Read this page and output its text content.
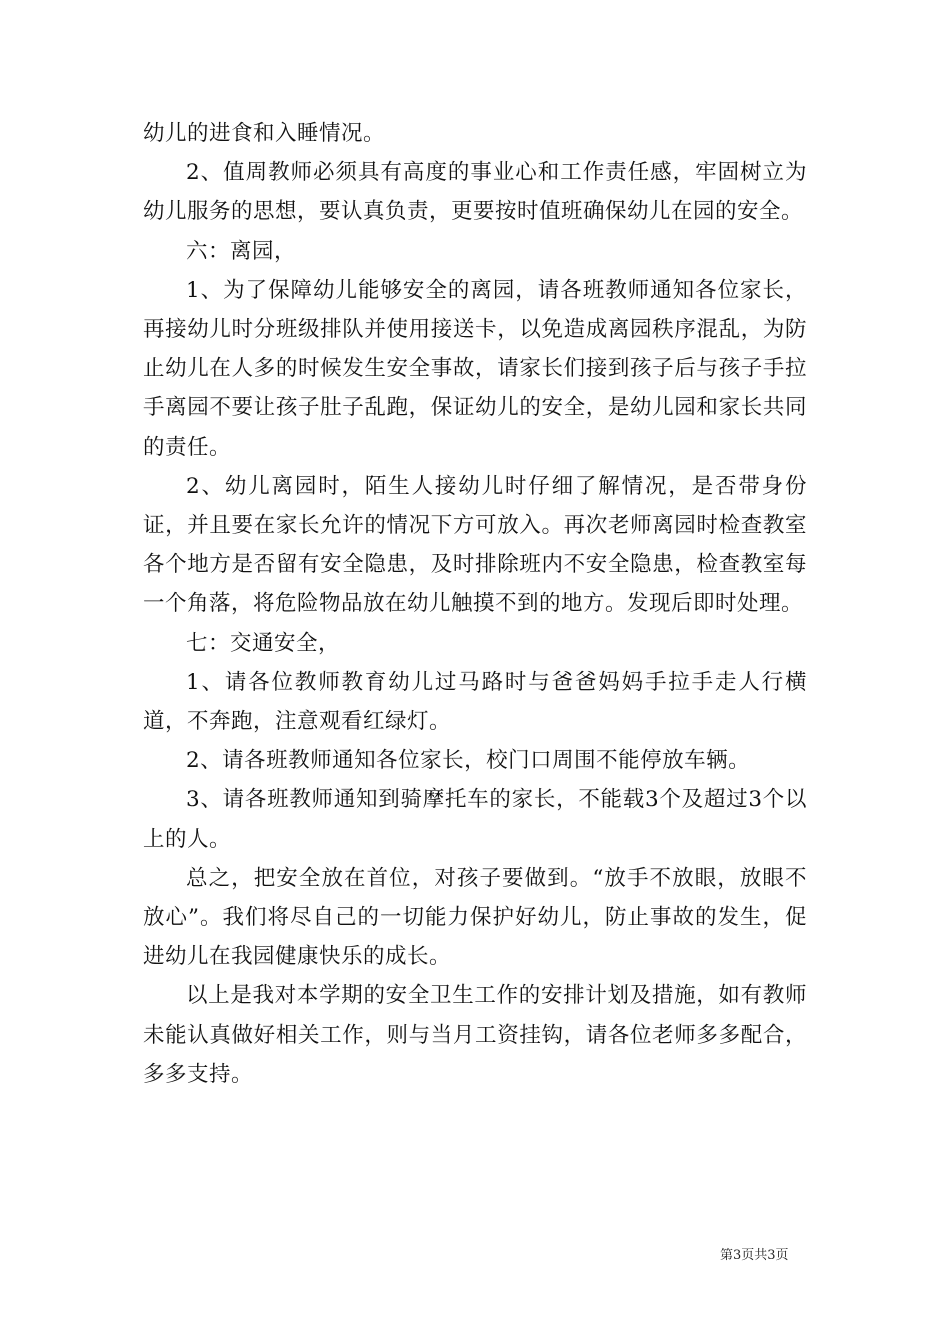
幼儿的进食和入睡情况。

2、值周教师必须具有高度的事业心和工作责任感，牢固树立为幼儿服务的思想，要认真负责，更要按时值班确保幼儿在园的安全。

六：离园，

1、为了保障幼儿能够安全的离园，请各班教师通知各位家长，再接幼儿时分班级排队并使用接送卡，以免造成离园秩序混乱，为防止幼儿在人多的时候发生安全事故，请家长们接到孩子后与孩子手拉手离园不要让孩子肚子乱跑，保证幼儿的安全，是幼儿园和家长共同的责任。

2、幼儿离园时，陌生人接幼儿时仔细了解情况，是否带身份证，并且要在家长允许的情况下方可放入。再次老师离园时检查教室各个地方是否留有安全隐患，及时排除班内不安全隐患，检查教室每一个角落，将危险物品放在幼儿触摸不到的地方。发现后即时处理。

七：交通安全，

1、请各位教师教育幼儿过马路时与爸爸妈妈手拉手走人行横道，不奔跑，注意观看红绿灯。

2、请各班教师通知各位家长，校门口周围不能停放车辆。

3、请各班教师通知到骑摩托车的家长，不能载3个及超过3个以上的人。

总之，把安全放在首位，对孩子要做到。“放手不放眼，放眼不放心”。我们将尽自己的一切能力保护好幼儿，防止事故的发生，促进幼儿在我园健康快乐的成长。

以上是我对本学期的安全卫生工作的安排计划及措施，如有教师未能认真做好相关工作，则与当月工资挂钩，请各位老师多多配合，多多支持。

第3页共3页
